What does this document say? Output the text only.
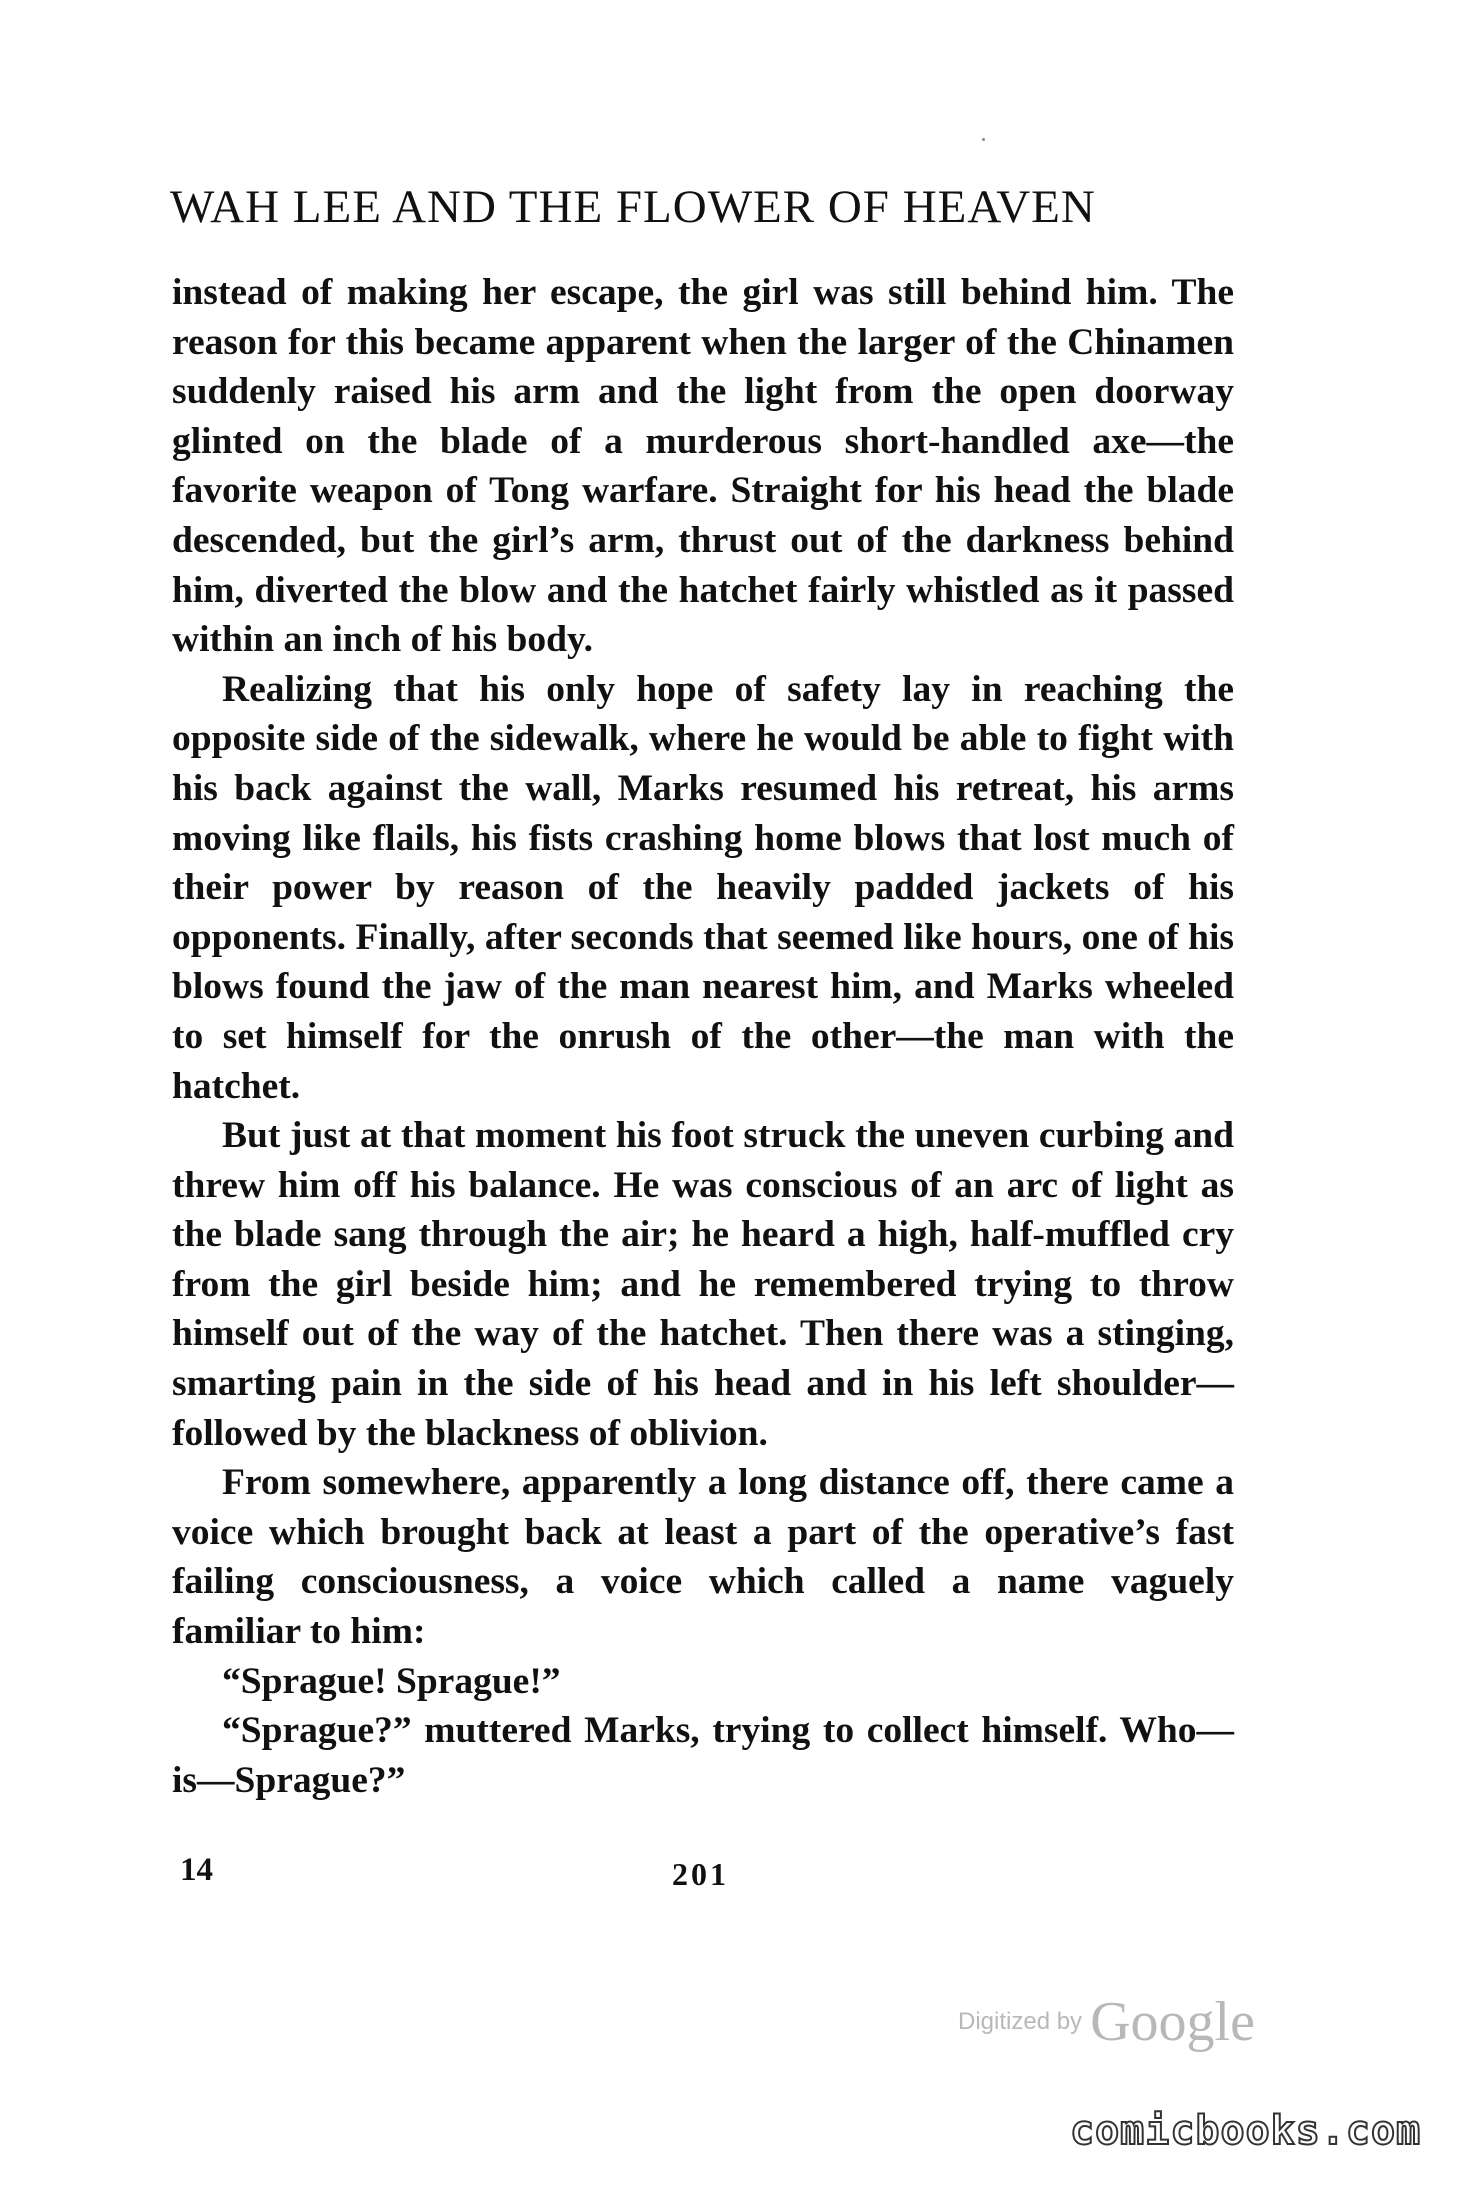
WAH LEE AND THE FLOWER OF HEAVEN

instead of making her escape, the girl was still behind him. The reason for this became apparent when the larger of the Chinamen suddenly raised his arm and the light from the open doorway glinted on the blade of a murderous short-handled axe—the favorite weapon of Tong warfare. Straight for his head the blade descended, but the girl’s arm, thrust out of the darkness behind him, diverted the blow and the hatchet fairly whistled as it passed within an inch of his body.

Realizing that his only hope of safety lay in reaching the opposite side of the sidewalk, where he would be able to fight with his back against the wall, Marks resumed his retreat, his arms moving like flails, his fists crashing home blows that lost much of their power by reason of the heavily padded jackets of his opponents. Finally, after seconds that seemed like hours, one of his blows found the jaw of the man nearest him, and Marks wheeled to set himself for the onrush of the other—the man with the hatchet.

But just at that moment his foot struck the uneven curbing and threw him off his balance. He was conscious of an arc of light as the blade sang through the air; he heard a high, half-muffled cry from the girl beside him; and he remembered trying to throw himself out of the way of the hatchet. Then there was a stinging, smarting pain in the side of his head and in his left shoulder—followed by the blackness of oblivion.

From somewhere, apparently a long distance off, there came a voice which brought back at least a part of the operative’s fast failing consciousness, a voice which called a name vaguely familiar to him:

“Sprague! Sprague!”

“Sprague?” muttered Marks, trying to collect himself. Who—is—Sprague?”

14	201
Digitized by Google
comicbooks.com
